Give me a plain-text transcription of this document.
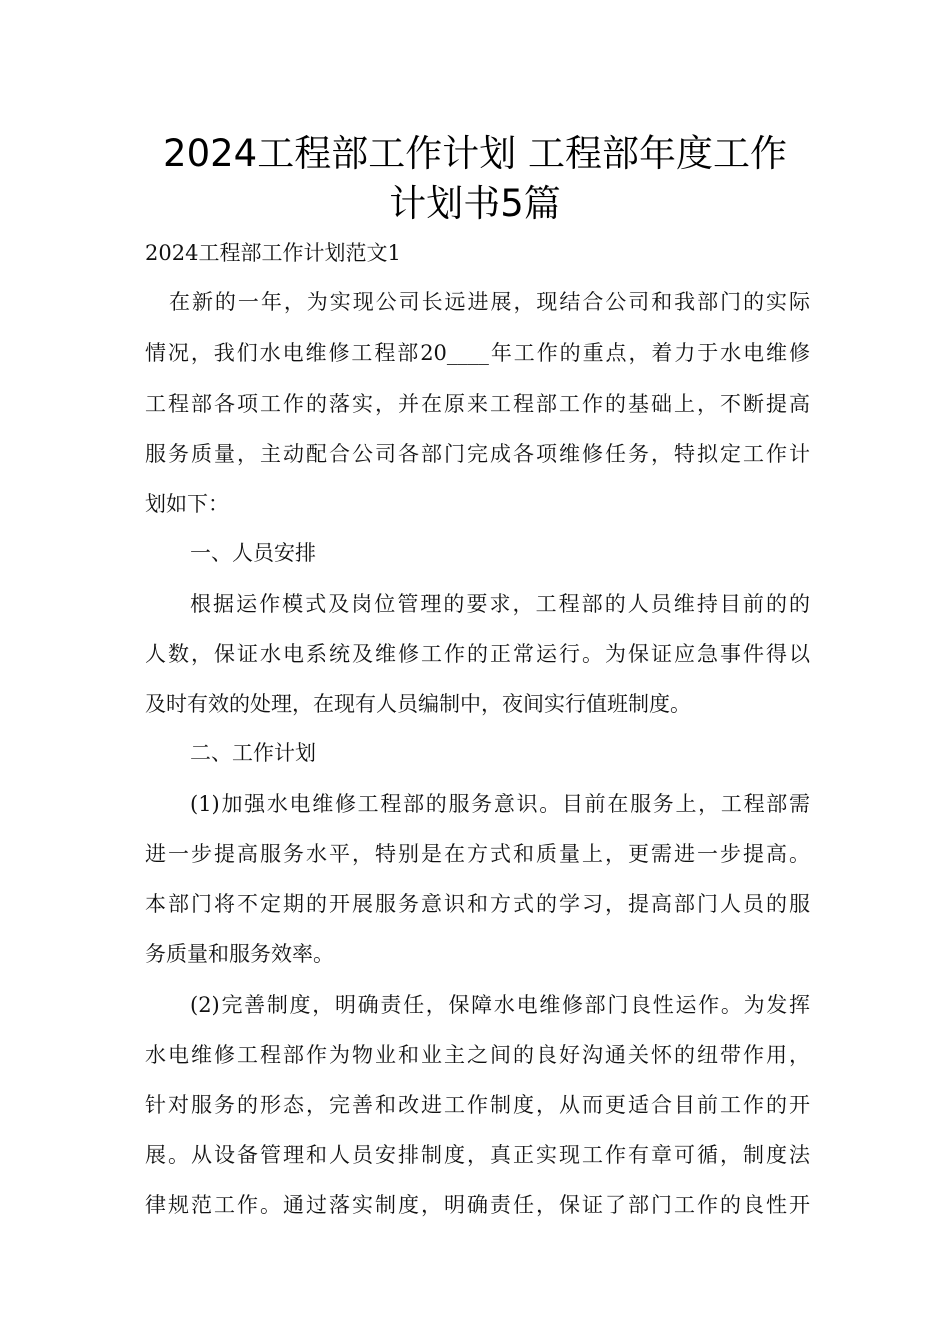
2024工程部工作计划 工程部年度工作
计划书5篇
2024工程部工作计划范文1
在新的一年，为实现公司长远进展，现结合公司和我部门的实际
情况，我们水电维修工程部20____年工作的重点，着力于水电维修
工程部各项工作的落实，并在原来工程部工作的基础上，不断提高
服务质量，主动配合公司各部门完成各项维修任务，特拟定工作计
划如下：
一、人员安排
根据运作模式及岗位管理的要求，工程部的人员维持目前的的
人数，保证水电系统及维修工作的正常运行。为保证应急事件得以
及时有效的处理，在现有人员编制中，夜间实行值班制度。
二、工作计划
(1)加强水电维修工程部的服务意识。目前在服务上，工程部需
进一步提高服务水平，特别是在方式和质量上，更需进一步提高。
本部门将不定期的开展服务意识和方式的学习，提高部门人员的服
务质量和服务效率。
(2)完善制度，明确责任，保障水电维修部门良性运作。为发挥
水电维修工程部作为物业和业主之间的良好沟通关怀的纽带作用，
针对服务的形态，完善和改进工作制度，从而更适合目前工作的开
展。从设备管理和人员安排制度，真正实现工作有章可循，制度法
律规范工作。通过落实制度，明确责任，保证了部门工作的良性开
